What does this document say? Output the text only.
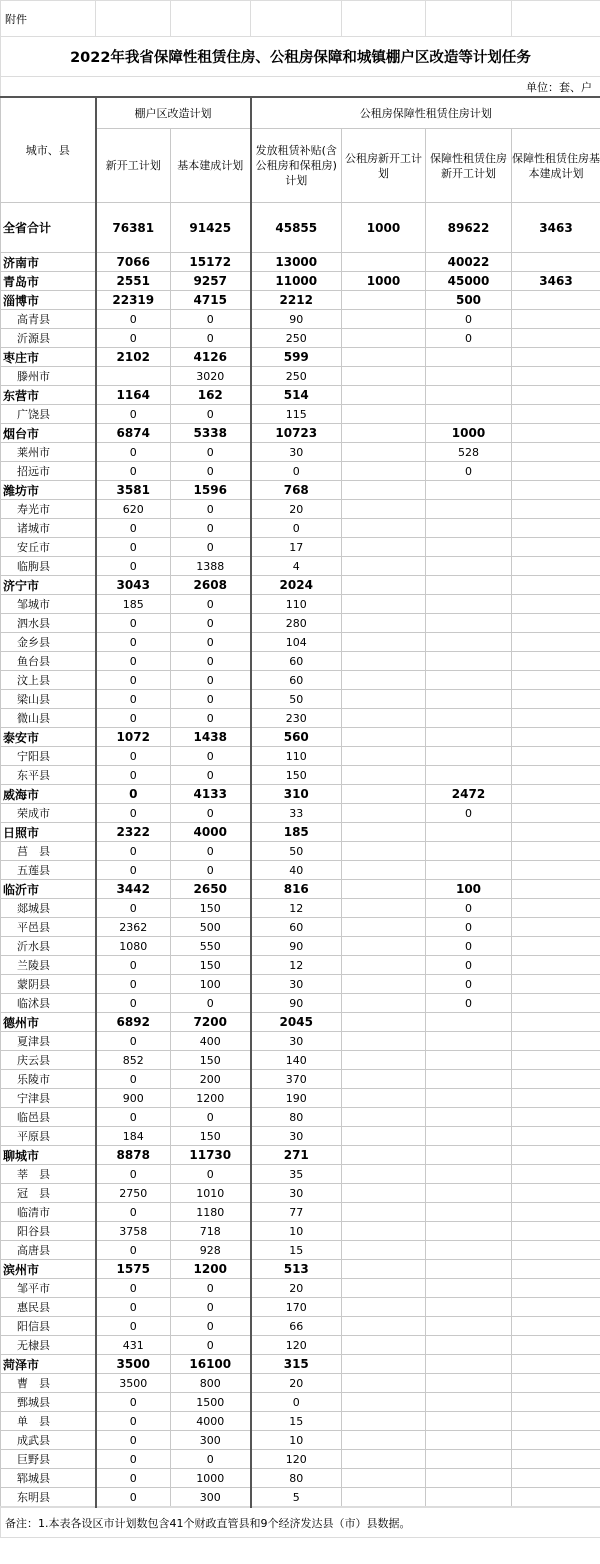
附件						
2022年我省保障性租赁住房、公租房保障和城镇棚户区改造等计划任务						
单位：套、户						
城市、县	棚户区改造计划		公租房保障性租赁住房计划			
	新开工计划	基本建成计划	发放租赁补贴(含公租房和保租房)计划	公租房新开工计划	保障性租赁住房新开工计划	保障性租赁住房基本建成计划
全省合计	76381	91425	45855	1000	89622	3463
济南市	7066	15172	13000		40022	
青岛市	2551	9257	11000	1000	45000	3463
淄博市	22319	4715	2212		500	
高青县	0	0	90		0	
沂源县	0	0	250		0	
枣庄市	2102	4126	599			
滕州市		3020	250			
东营市	1164	162	514			
广饶县	0	0	115			
烟台市	6874	5338	10723		1000	
莱州市	0	0	30		528	
招远市	0	0	0		0	
潍坊市	3581	1596	768			
寿光市	620	0	20			
诸城市	0	0	0			
安丘市	0	0	17			
临朐县	0	1388	4			
济宁市	3043	2608	2024			
邹城市	185	0	110			
泗水县	0	0	280			
金乡县	0	0	104			
鱼台县	0	0	60			
汶上县	0	0	60			
梁山县	0	0	50			
微山县	0	0	230			
泰安市	1072	1438	560			
宁阳县	0	0	110			
东平县	0	0	150			
威海市	0	4133	310		2472	
荣成市	0	0	33		0	
日照市	2322	4000	185			
莒　县	0	0	50			
五莲县	0	0	40			
临沂市	3442	2650	816		100	
郯城县	0	150	12		0	
平邑县	2362	500	60		0	
沂水县	1080	550	90		0	
兰陵县	0	150	12		0	
蒙阴县	0	100	30		0	
临沭县	0	0	90		0	
德州市	6892	7200	2045			
夏津县	0	400	30			
庆云县	852	150	140			
乐陵市	0	200	370			
宁津县	900	1200	190			
临邑县	0	0	80			
平原县	184	150	30			
聊城市	8878	11730	271			
莘　县	0	0	35			
冠　县	2750	1010	30			
临清市	0	1180	77			
阳谷县	3758	718	10			
高唐县	0	928	15			
滨州市	1575	1200	513			
邹平市	0	0	20			
惠民县	0	0	170			
阳信县	0	0	66			
无棣县	431	0	120			
菏泽市	3500	16100	315			
曹　县	3500	800	20			
鄄城县	0	1500	0			
单　县	0	4000	15			
成武县	0	300	10			
巨野县	0	0	120			
郓城县	0	1000	80			
东明县	0	300	5			
备注：1.本表各设区市计划数包含41个财政直管县和9个经济发达县（市）县数据。						
